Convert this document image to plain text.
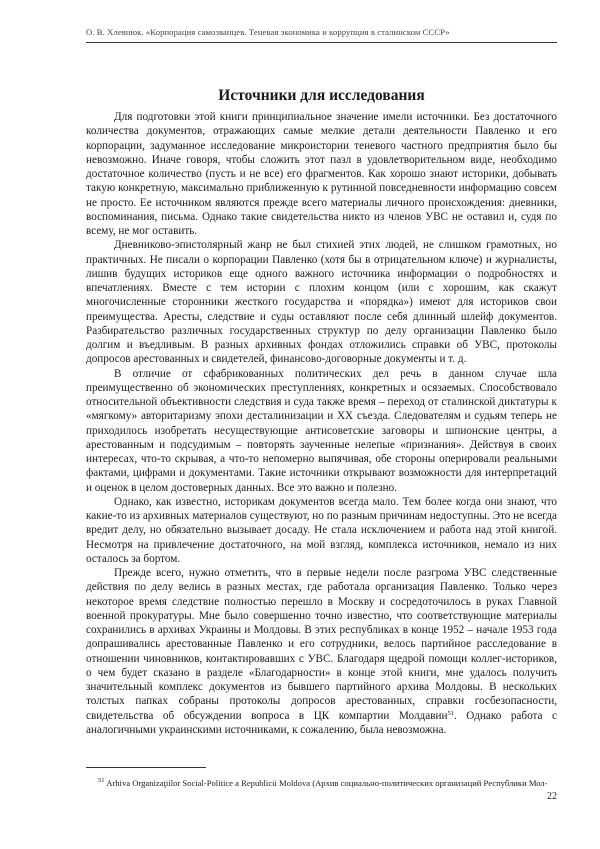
О. В. Хлевнюк. «Корпорация самозванцев. Теневая экономика и коррупция в сталинском СССР»
Источники для исследования

Для подготовки этой книги принципиальное значение имели источники. Без достаточного количества документов, отражающих самые мелкие детали деятельности Павленко и его корпорации, задуманное исследование микроистории теневого частного предприятия было бы невозможно. Иначе говоря, чтобы сложить этот пазл в удовлетворительном виде, необходимо достаточное количество (пусть и не все) его фрагментов. Как хорошо знают историки, добывать такую конкретную, максимально приближенную к рутинной повседневности информацию совсем не просто. Ее источником являются прежде всего материалы личного происхождения: дневники, воспоминания, письма. Однако такие свидетельства никто из членов УВС не оставил и, судя по всему, не мог оставить.

Дневниково-эпистолярный жанр не был стихией этих людей, не слишком грамотных, но практичных. Не писали о корпорации Павленко (хотя бы в отрицательном ключе) и журналисты, лишив будущих историков еще одного важного источника информации о подробностях и впечатлениях. Вместе с тем истории с плохим концом (или с хорошим, как скажут многочисленные сторонники жесткого государства и «порядка») имеют для историков свои преимущества. Аресты, следствие и суды оставляют после себя длинный шлейф документов. Разбирательство различных государственных структур по делу организации Павленко было долгим и въедливым. В разных архивных фондах отложились справки об УВС, протоколы допросов арестованных и свидетелей, финансово-договорные документы и т. д.

В отличие от сфабрикованных политических дел речь в данном случае шла преимущественно об экономических преступлениях, конкретных и осязаемых. Способствовало относительной объективности следствия и суда также время – переход от сталинской диктатуры к «мягкому» авторитаризму эпохи десталинизации и XX съезда. Следователям и судьям теперь не приходилось изобретать несуществующие антисоветские заговоры и шпионские центры, а арестованным и подсудимым – повторять заученные нелепые «признания». Действуя в своих интересах, что-то скрывая, а что-то непомерно выпячивая, обе стороны оперировали реальными фактами, цифрами и документами. Такие источники открывают возможности для интерпретаций и оценок в целом достоверных данных. Все это важно и полезно.

Однако, как известно, историкам документов всегда мало. Тем более когда они знают, что какие-то из архивных материалов существуют, но по разным причинам недоступны. Это не всегда вредит делу, но обязательно вызывает досаду. Не стала исключением и работа над этой книгой. Несмотря на привлечение достаточного, на мой взгляд, комплекса источников, немало из них осталось за бортом.

Прежде всего, нужно отметить, что в первые недели после разгрома УВС следственные действия по делу велись в разных местах, где работала организация Павленко. Только через некоторое время следствие полностью перешло в Москву и сосредоточилось в руках Главной военной прокуратуры. Мне было совершенно точно известно, что соответствующие материалы сохранились в архивах Украины и Молдовы. В этих республиках в конце 1952 – начале 1953 года допрашивались арестованные Павленко и его сотрудники, велось партийное расследование в отношении чиновников, контактировавших с УВС. Благодаря щедрой помощи коллег-историков, о чем будет сказано в разделе «Благодарности» в конце этой книги, мне удалось получить значительный комплекс документов из бывшего партийного архива Молдовы. В нескольких толстых папках собраны протоколы допросов арестованных, справки госбезопасности, свидетельства об обсуждении вопроса в ЦК компартии Молдавии$^{51}$. Однако работа с аналогичными украинскими источниками, к сожалению, была невозможна.

$^{51}$ Arhiva Organizaţiilor Social-Politice a Republicii Moldova (Архив социально-политических организаций Республики Мол-
22
